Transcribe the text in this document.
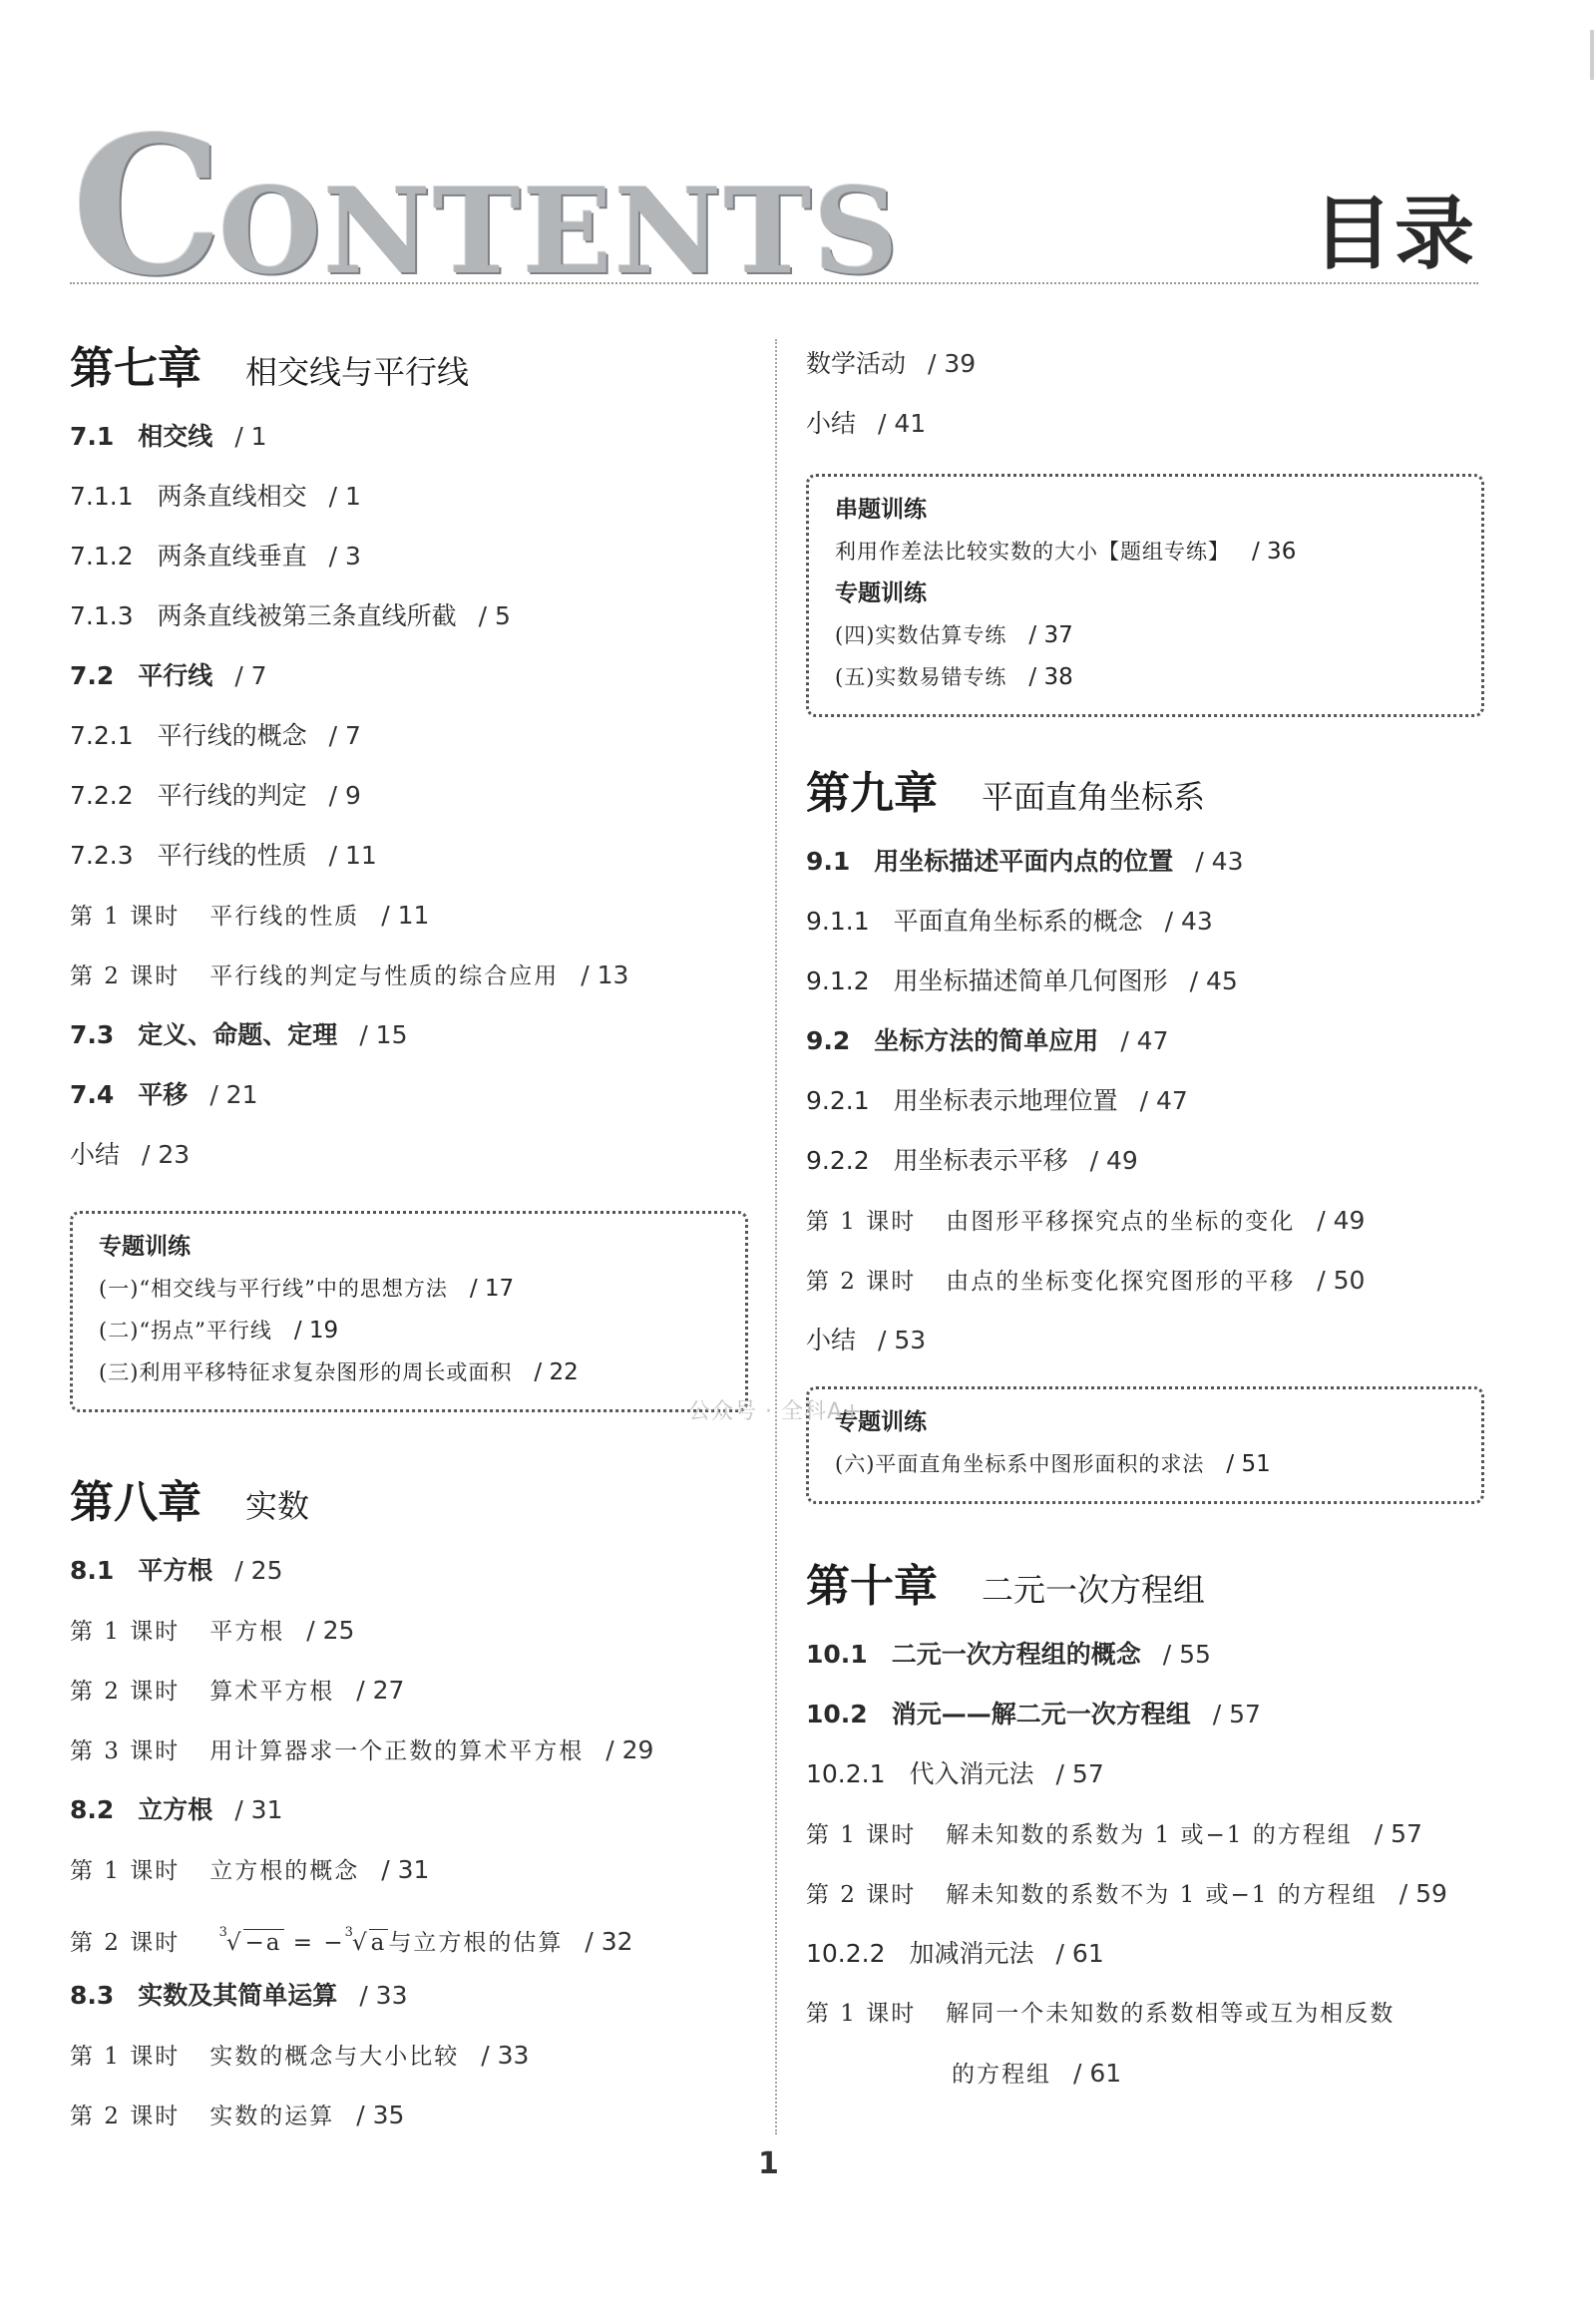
CONTENTS	目录
第七章 相交线与平行线
7.1 相交线 / 1
7.1.1 两条直线相交 / 1
7.1.2 两条直线垂直 / 3
7.1.3 两条直线被第三条直线所截 / 5
7.2 平行线 / 7
7.2.1 平行线的概念 / 7
7.2.2 平行线的判定 / 9
7.2.3 平行线的性质 / 11
第 1 课时 平行线的性质 / 11
第 2 课时 平行线的判定与性质的综合应用 / 13
7.3 定义、命题、定理 / 15
7.4 平移 / 21
小结 / 23
专题训练
(一)“相交线与平行线”中的思想方法 / 17
(二)“拐点”平行线 / 19
(三)利用平移特征求复杂图形的周长或面积 / 22
第八章 实数
8.1 平方根 / 25
第 1 课时 平方根 / 25
第 2 课时 算术平方根 / 27
第 3 课时 用计算器求一个正数的算术平方根 / 29
8.2 立方根 / 31
第 1 课时 立方根的概念 / 31
第 2 课时	$^3$√−a = −$^3$√a与立方根的估算 / 32
8.3 实数及其简单运算 / 33
第 1 课时 实数的概念与大小比较 / 33
第 2 课时 实数的运算 / 35
数学活动 / 39
小结 / 41
串题训练
利用作差法比较实数的大小【题组专练】 / 36
专题训练
(四)实数估算专练 / 37
(五)实数易错专练 / 38
第九章 平面直角坐标系
9.1 用坐标描述平面内点的位置 / 43
9.1.1 平面直角坐标系的概念 / 43
9.1.2 用坐标描述简单几何图形 / 45
9.2 坐标方法的简单应用 / 47
9.2.1 用坐标表示地理位置 / 47
9.2.2 用坐标表示平移 / 49
第 1 课时 由图形平移探究点的坐标的变化 / 49
第 2 课时 由点的坐标变化探究图形的平移 / 50
小结 / 53
专题训练
(六)平面直角坐标系中图形面积的求法 / 51
第十章 二元一次方程组
10.1 二元一次方程组的概念 / 55
10.2 消元——解二元一次方程组 / 57
10.2.1 代入消元法 / 57
第 1 课时 解未知数的系数为 1 或−1 的方程组 / 57
第 2 课时 解未知数的系数不为 1 或−1 的方程组 / 59
10.2.2 加减消元法 / 61
第 1 课时 解同一个未知数的系数相等或互为相反数
的方程组 / 61
公众号 · 全科A+
1
